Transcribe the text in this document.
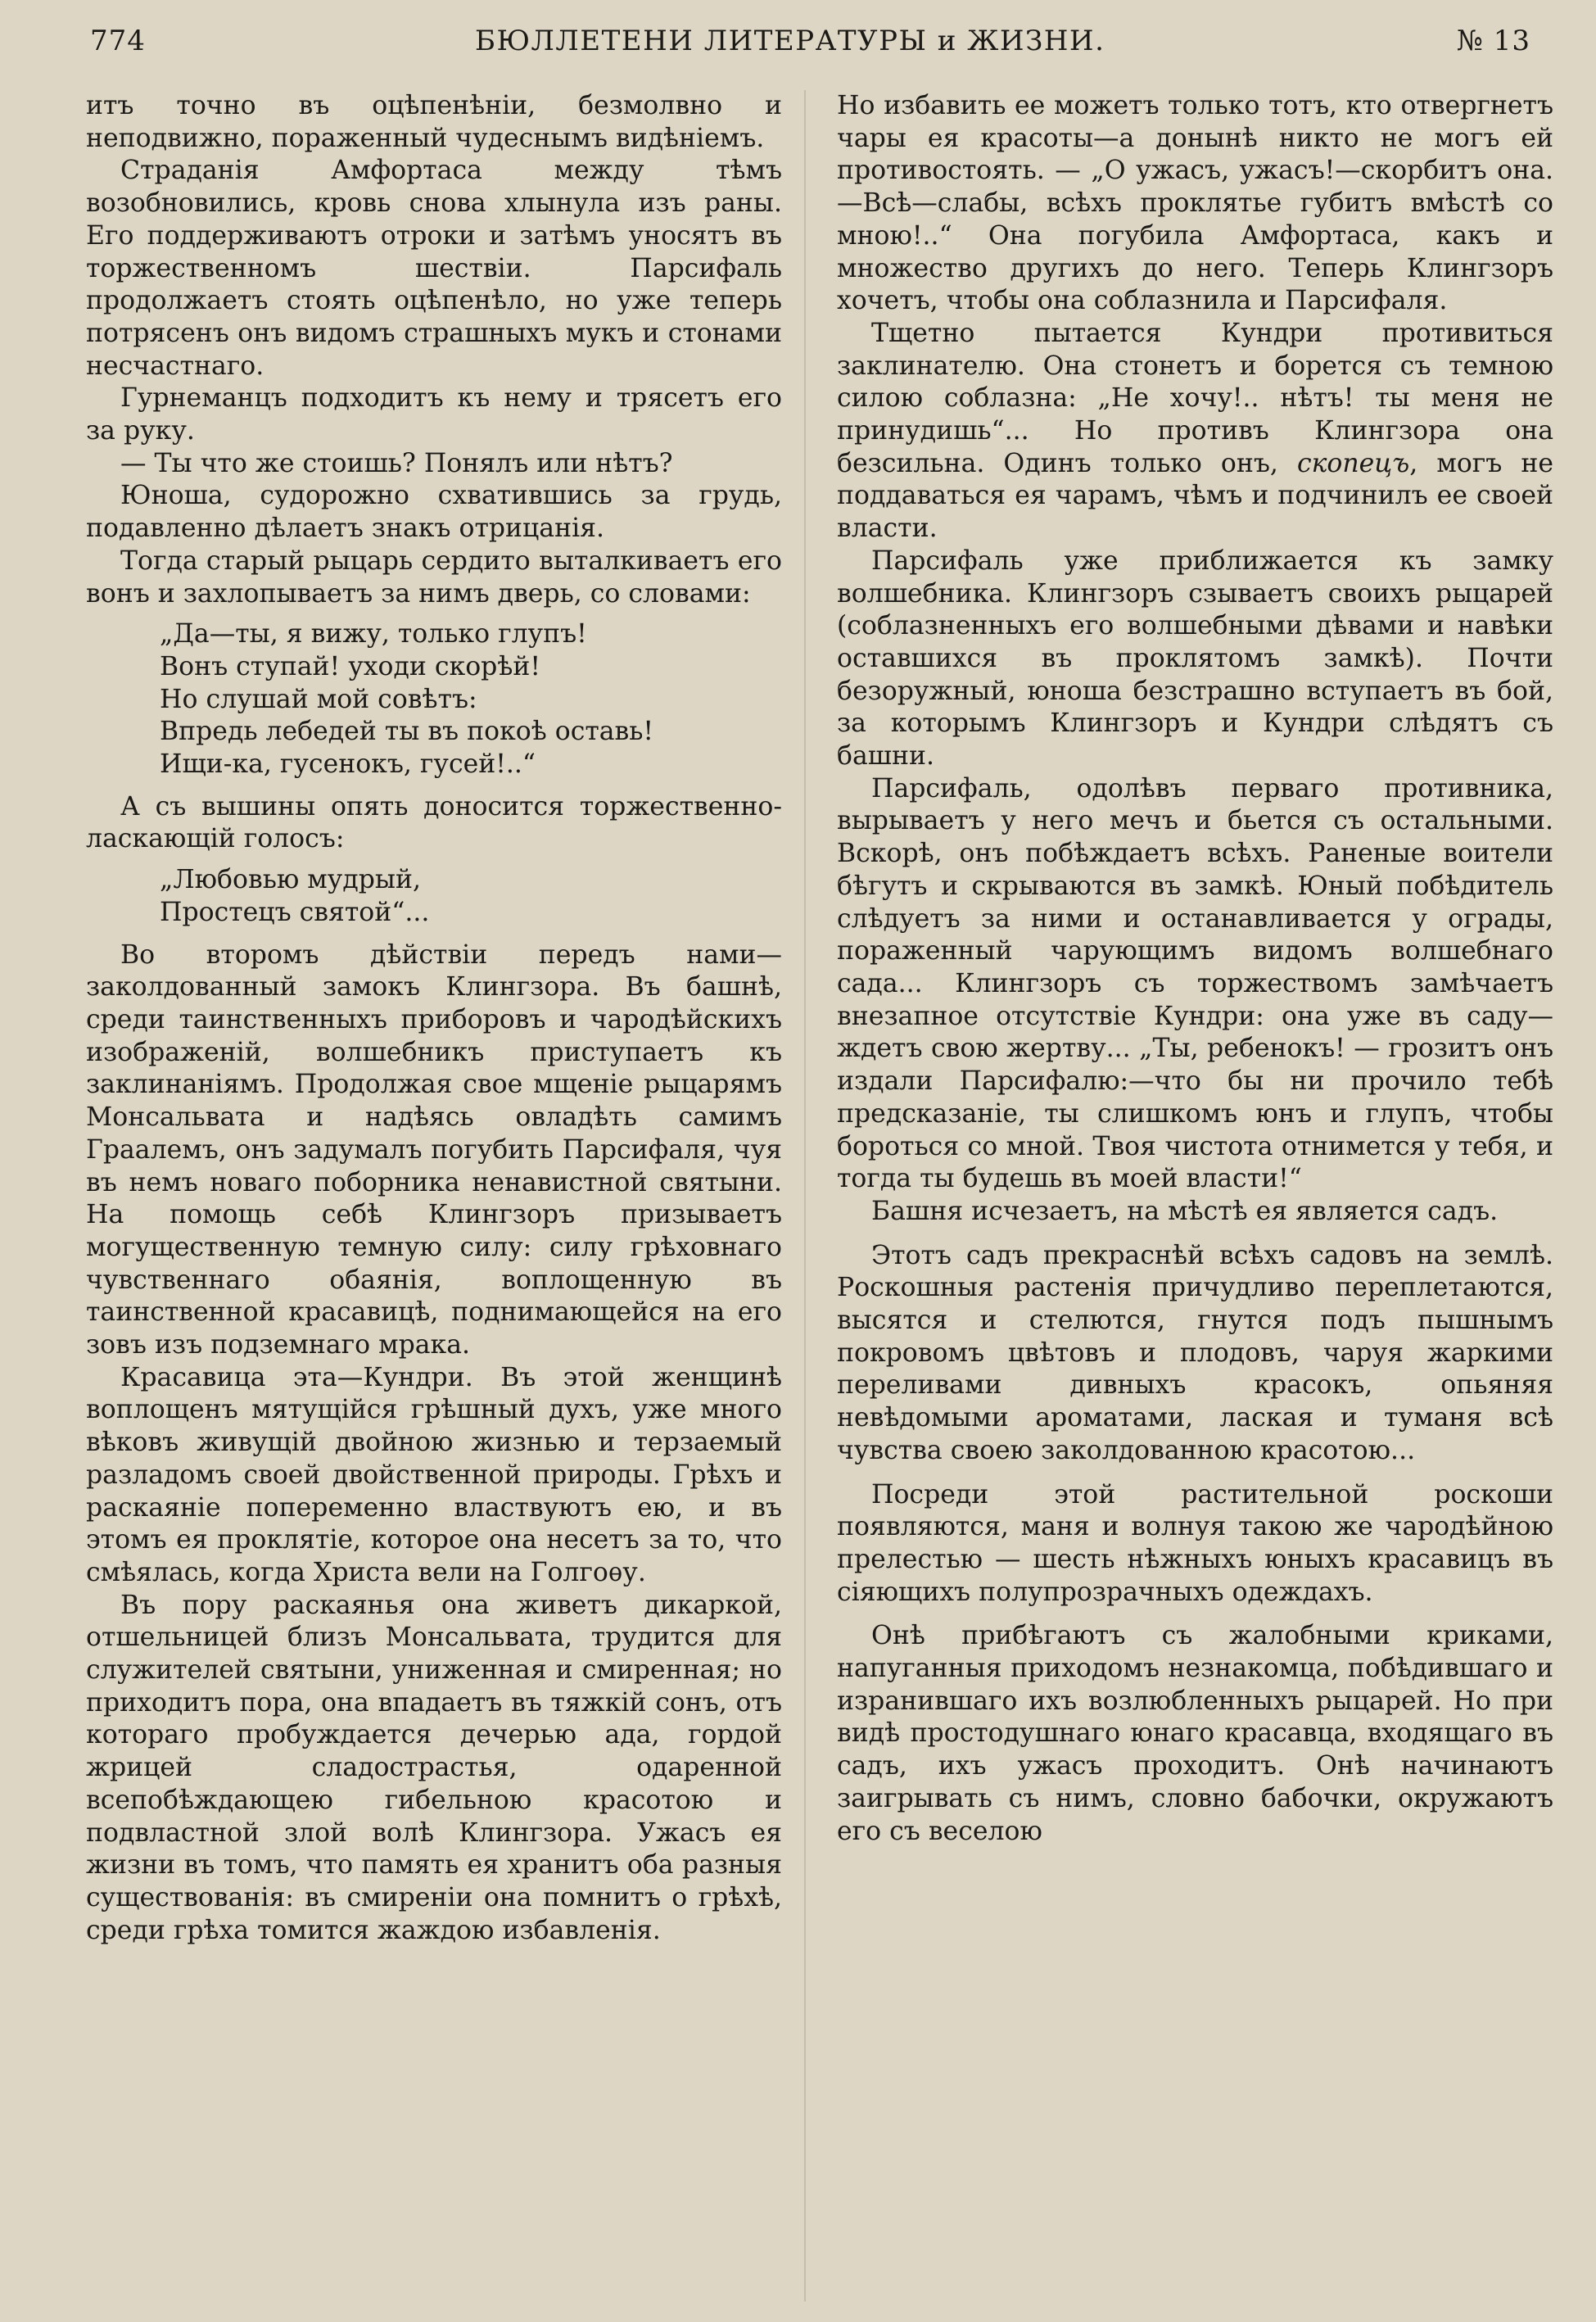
774	БЮЛЛЕТЕНИ ЛИТЕРАТУРЫ и ЖИЗНИ.	№ 13

итъ точно въ оцѣпенѣніи, безмолвно и неподвижно, пораженный чудеснымъ видѣніемъ.

Страданія Амфортаса между тѣмъ возобновились, кровь снова хлынула изъ раны. Его поддерживаютъ отроки и затѣмъ уносятъ въ торжественномъ шествіи. Парсифаль продолжаетъ стоять оцѣпенѣло, но уже теперь потрясенъ онъ видомъ страшныхъ мукъ и стонами несчастнаго.

Гурнеманцъ подходитъ къ нему и трясетъ его за руку.

— Ты что же стоишь? Понялъ или нѣтъ?

Юноша, судорожно схватившись за грудь, подавленно дѣлаетъ знакъ отрицанія.

Тогда старый рыцарь сердито выталкиваетъ его вонъ и захлопываетъ за нимъ дверь, со словами:

„Да—ты, я вижу, только глупъ!
Вонъ ступай! уходи скорѣй!
Но слушай мой совѣтъ:
Впредь лебедей ты въ покоѣ оставь!
Ищи-ка, гусенокъ, гусей!..“

А съ вышины опять доносится торжественно-ласкающій голосъ:

„Любовью мудрый,
Простецъ святой“...

Во второмъ дѣйствіи передъ нами—заколдованный замокъ Клингзора. Въ башнѣ, среди таинственныхъ приборовъ и чародѣйскихъ изображеній, волшебникъ приступаетъ къ заклинаніямъ. Продолжая свое мщеніе рыцарямъ Монсальвата и надѣясь овладѣть самимъ Граалемъ, онъ задумалъ погубить Парсифаля, чуя въ немъ новаго поборника ненавистной святыни. На помощь себѣ Клингзоръ призываетъ могущественную темную силу: силу грѣховнаго чувственнаго обаянія, воплощенную въ таинственной красавицѣ, поднимающейся на его зовъ изъ подземнаго мрака.

Красавица эта—Кундри. Въ этой женщинѣ воплощенъ мятущійся грѣшный духъ, уже много вѣковъ живущій двойною жизнью и терзаемый разладомъ своей двойственной природы. Грѣхъ и раскаяніе попеременно властвуютъ ею, и въ этомъ ея проклятіе, которое она несетъ за то, что смѣялась, когда Христа вели на Голгоѳу.

Въ пору раскаянья она живетъ дикаркой, отшельницей близъ Монсальвата, трудится для служителей святыни, униженная и смиренная; но приходитъ пора, она впадаетъ въ тяжкій сонъ, отъ котораго пробуждается дечерью ада, гордой жрицей сладострастья, одаренной всепобѣждающею гибельною красотою и подвластной злой волѣ Клингзора. Ужасъ ея жизни въ томъ, что память ея хранитъ оба разныя существованія: въ смиреніи она помнитъ о грѣхѣ, среди грѣха томится жаждою избавленія.

Но избавить ее можетъ только тотъ, кто отвергнетъ чары ея красоты—а донынѣ никто не могъ ей противостоять. — „О ужасъ, ужасъ!—скорбитъ она.—Всѣ—слабы, всѣхъ проклятье губитъ вмѣстѣ со мною!..“ Она погубила Амфортаса, какъ и множество другихъ до него. Теперь Клингзоръ хочетъ, чтобы она соблазнила и Парсифаля.

Тщетно пытается Кундри противиться заклинателю. Она стонетъ и борется съ темною силою соблазна: „Не хочу!.. нѣтъ! ты меня не принудишь“... Но противъ Клингзора она безсильна. Одинъ только онъ, скопецъ, могъ не поддаваться ея чарамъ, чѣмъ и подчинилъ ее своей власти.

Парсифаль уже приближается къ замку волшебника. Клингзоръ сзываетъ своихъ рыцарей (соблазненныхъ его волшебными дѣвами и навѣки оставшихся въ проклятомъ замкѣ). Почти безоружный, юноша безстрашно вступаетъ въ бой, за которымъ Клингзоръ и Кундри слѣдятъ съ башни.

Парсифаль, одолѣвъ перваго противника, вырываетъ у него мечъ и бьется съ остальными. Вскорѣ, онъ побѣждаетъ всѣхъ. Раненые воители бѣгутъ и скрываются въ замкѣ. Юный побѣдитель слѣдуетъ за ними и останавливается у ограды, пораженный чарующимъ видомъ волшебнаго сада... Клингзоръ съ торжествомъ замѣчаетъ внезапное отсутствіе Кундри: она уже въ саду—ждетъ свою жертву... „Ты, ребенокъ! — грозитъ онъ издали Парсифалю:—что бы ни прочило тебѣ предсказаніе, ты слишкомъ юнъ и глупъ, чтобы бороться со мной. Твоя чистота отнимется у тебя, и тогда ты будешь въ моей власти!“

Башня исчезаетъ, на мѣстѣ ея является садъ.

Этотъ садъ прекраснѣй всѣхъ садовъ на землѣ. Роскошныя растенія причудливо переплетаются, высятся и стелются, гнутся подъ пышнымъ покровомъ цвѣтовъ и плодовъ, чаруя жаркими переливами дивныхъ красокъ, опьяняя невѣдомыми ароматами, лаская и туманя всѣ чувства своею заколдованною красотою...

Посреди этой растительной роскоши появляются, маня и волнуя такою же чародѣйною прелестью — шесть нѣжныхъ юныхъ красавицъ въ сіяющихъ полупрозрачныхъ одеждахъ.

Онѣ прибѣгаютъ съ жалобными криками, напуганныя приходомъ незнакомца, побѣдившаго и изранившаго ихъ возлюбленныхъ рыцарей. Но при видѣ простодушнаго юнаго красавца, входящаго въ садъ, ихъ ужасъ проходитъ. Онѣ начинаютъ заигрывать съ нимъ, словно бабочки, окружаютъ его съ веселою
